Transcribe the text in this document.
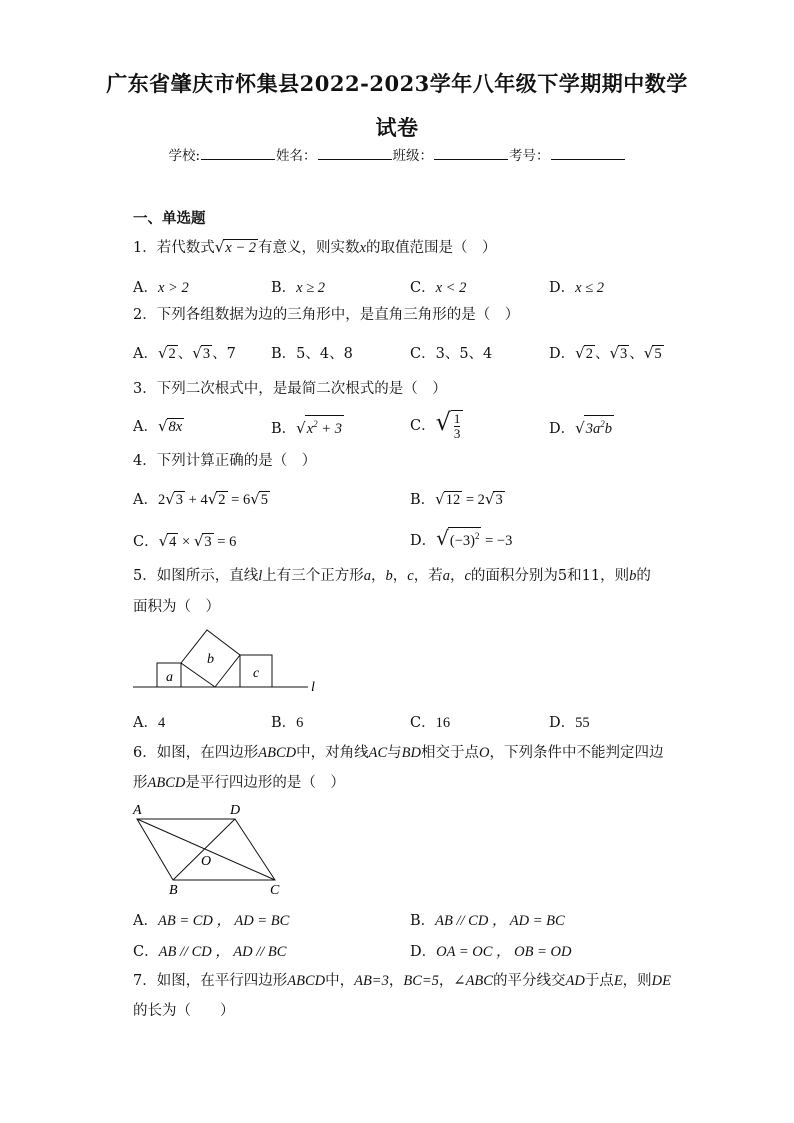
广东省肇庆市怀集县2022-2023学年八年级下学期期中数学
试卷
学校:	姓名：	班级：	考号：
一、单选题
1．若代数式√x − 2 有意义，则实数x的取值范围是（　）
A．x > 2	B．x ≥ 2	C．x < 2	D．x ≤ 2
2．下列各组数据为边的三角形中，是直角三角形的是（　）
A．√2 、√3 、7 B．5、4、8	C．3、5、4	D．√2 、√3 、√5
3．下列二次根式中，是最简二次根式的是（　）
A．√8x	B．$√x^2 + 3$	C．√ $\frac{1}{3}$	D．$√3a^2b$
4．下列计算正确的是（　）
A．2√3 + 4√2 = 6√5	B．√12 = 2√3
C．√4 × √3 = 6	D．$√(-3)^2 = -3$
5．如图所示，直线l上有三个正方形a，b，c，若a，c的面积分别为5和11，则b的
面积为（　）
a
b
c
l
A．4	B．6	C．16	D．55
6．如图，在四边形ABCD中，对角线AC与BD相交于点O，下列条件中不能判定四边
形ABCD是平行四边形的是（　）
A	D
B	C
O
A．AB = CD ， AD = BC	B．AB // CD ， AD = BC
C．AB // CD ， AD // BC	D．OA = OC ， OB = OD
7．如图，在平行四边形ABCD中，AB=3，BC=5，∠ABC的平分线交AD于点E，则DE
的长为（　　）
